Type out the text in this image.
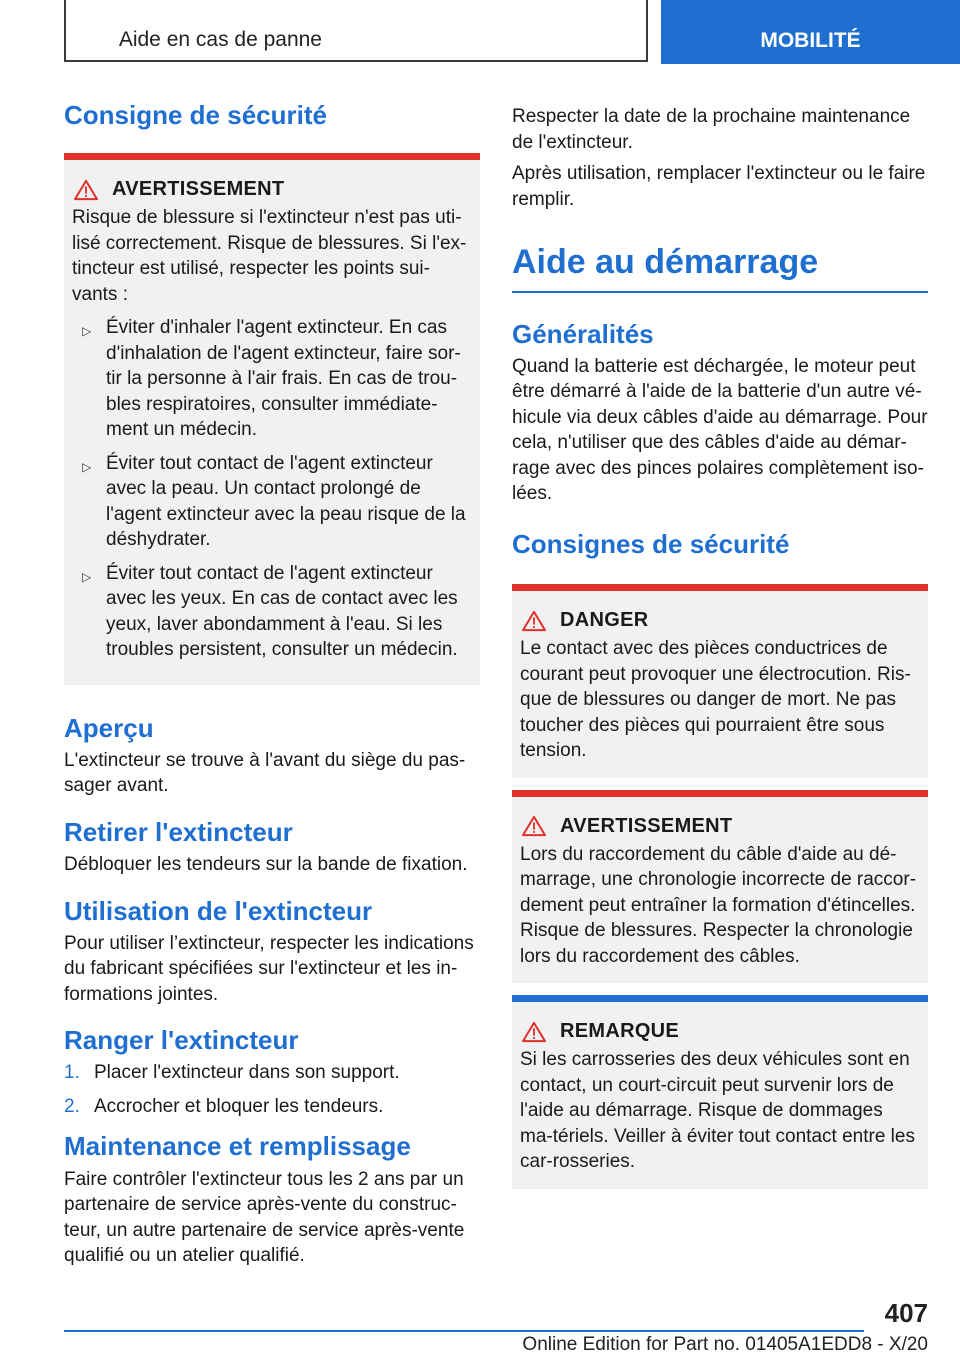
Aide en cas de panne	MOBILITÉ
Consigne de sécurité
AVERTISSEMENT

Risque de blessure si l'extincteur n'est pas uti-lisé correctement. Risque de blessures. Si l'ex-tincteur est utilisé, respecter les points sui-vants :

▷ Éviter d'inhaler l'agent extincteur. En cas d'inhalation de l'agent extincteur, faire sor-tir la personne à l'air frais. En cas de trou-bles respiratoires, consulter immédiate-ment un médecin.
▷ Éviter tout contact de l'agent extincteur avec la peau. Un contact prolongé de l'agent extincteur avec la peau risque de la déshydrater.
▷ Éviter tout contact de l'agent extincteur avec les yeux. En cas de contact avec les yeux, laver abondamment à l'eau. Si les troubles persistent, consulter un médecin.
Aperçu

L'extincteur se trouve à l'avant du siège du pas-sager avant.

Retirer l'extincteur

Débloquer les tendeurs sur la bande de fixation.

Utilisation de l'extincteur

Pour utiliser l’extincteur, respecter les indications du fabricant spécifiées sur l'extincteur et les in-formations jointes.

Ranger l'extincteur
1. Placer l'extincteur dans son support.
2. Accrocher et bloquer les tendeurs.
Maintenance et remplissage

Faire contrôler l'extincteur tous les 2 ans par un partenaire de service après-vente du construc-teur, un autre partenaire de service après-vente qualifié ou un atelier qualifié.

Respecter la date de la prochaine maintenance de l'extincteur.

Après utilisation, remplacer l'extincteur ou le faire remplir.

Aide au démarrage
Généralités

Quand la batterie est déchargée, le moteur peut être démarré à l'aide de la batterie d'un autre vé-hicule via deux câbles d'aide au démarrage. Pour cela, n'utiliser que des câbles d'aide au démar-rage avec des pinces polaires complètement iso-lées.

Consignes de sécurité
DANGER

Le contact avec des pièces conductrices de courant peut provoquer une électrocution. Ris-que de blessures ou danger de mort. Ne pas toucher des pièces qui pourraient être sous tension.

AVERTISSEMENT

Lors du raccordement du câble d'aide au dé-marrage, une chronologie incorrecte de raccor-dement peut entraîner la formation d'étincelles. Risque de blessures. Respecter la chronologie lors du raccordement des câbles.

REMARQUE

Si les carrosseries des deux véhicules sont en contact, un court-circuit peut survenir lors de l'aide au démarrage. Risque de dommages ma-tériels. Veiller à éviter tout contact entre les car-rosseries.

407
Online Edition for Part no. 01405A1EDD8 - X/20
